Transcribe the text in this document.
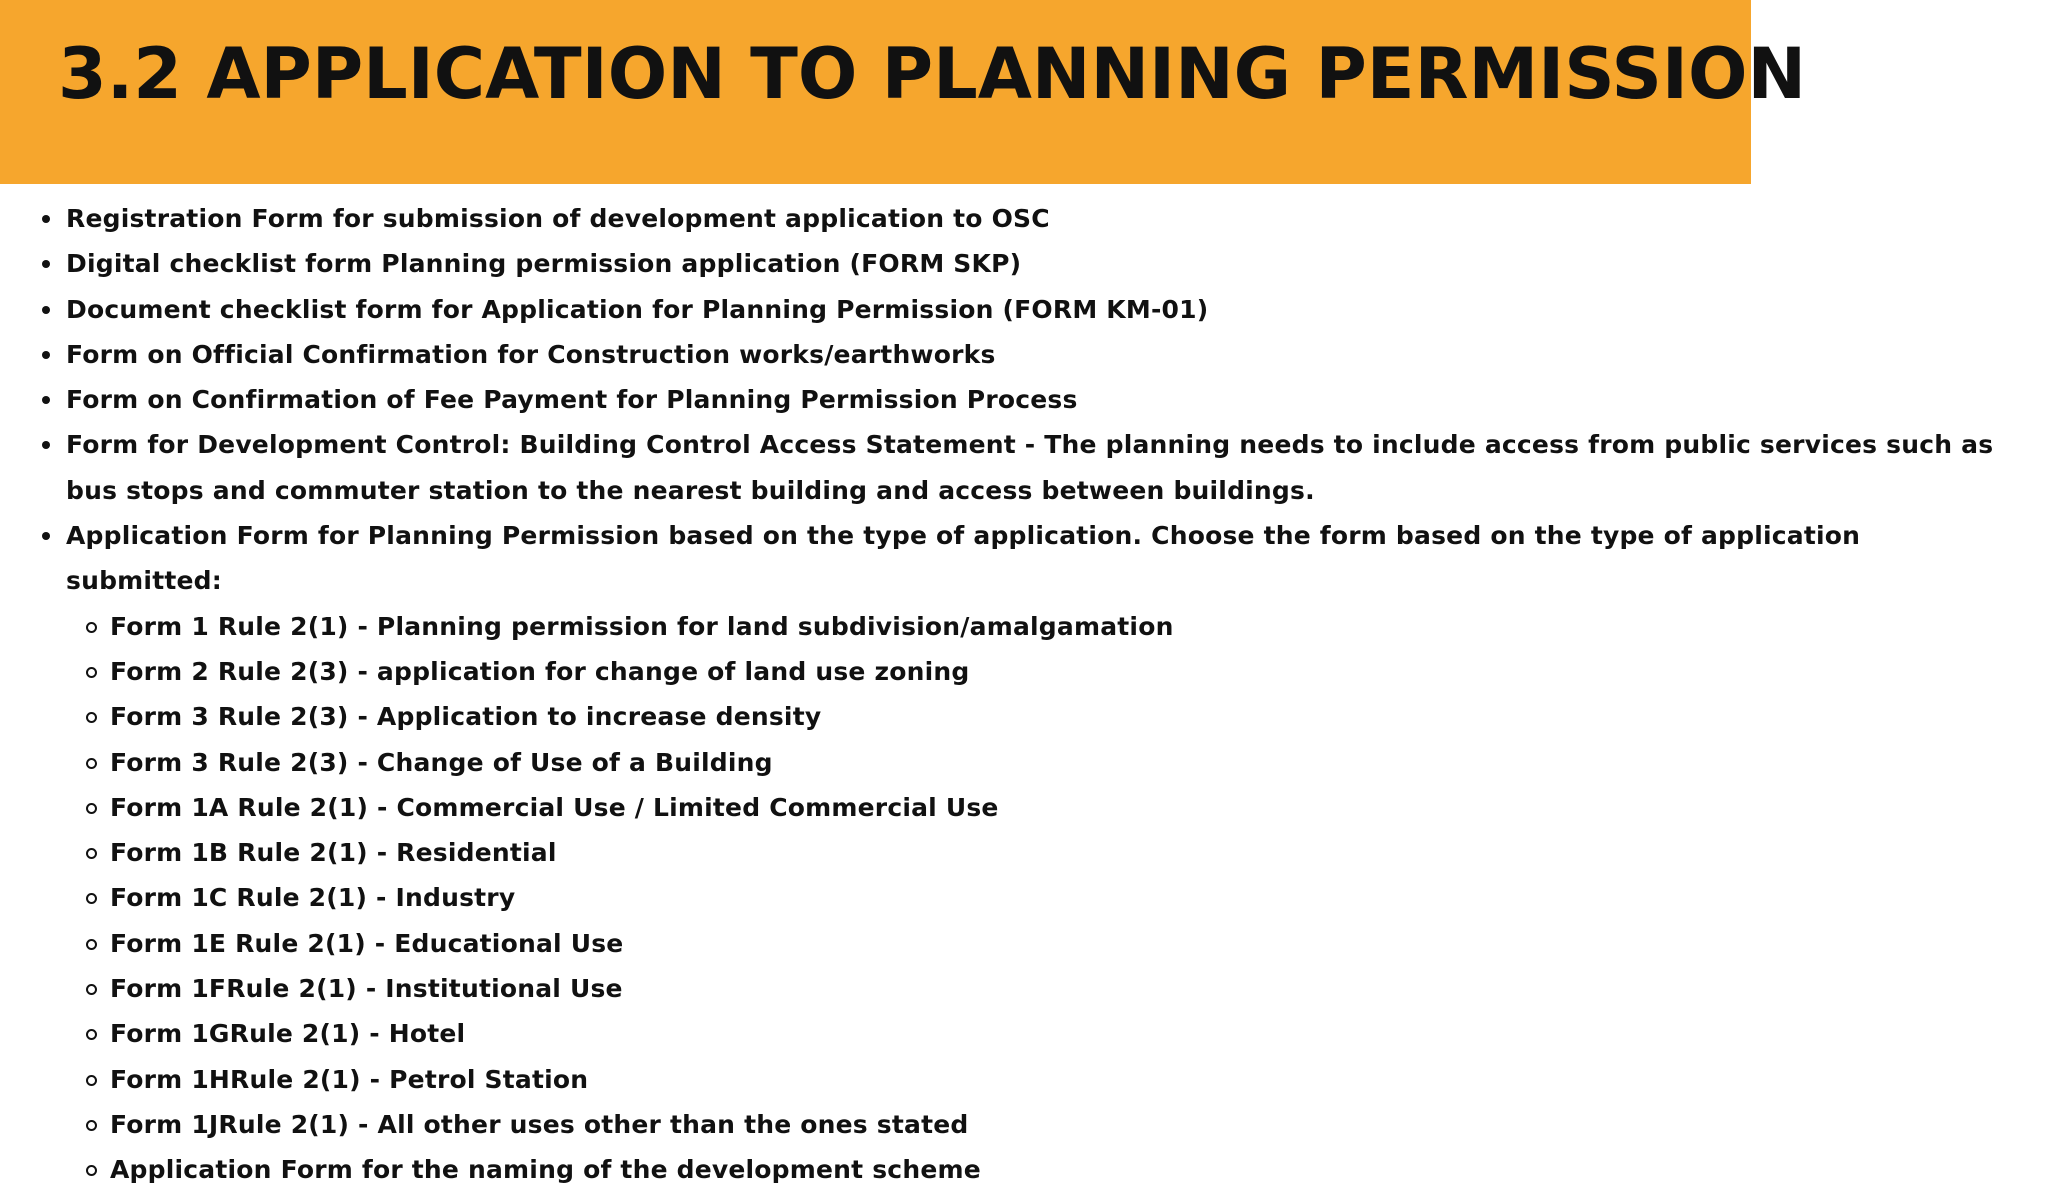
3.2 APPLICATION TO PLANNING PERMISSION
Registration Form for submission of development application to OSC
Digital checklist form Planning permission application (FORM SKP)
Document checklist form for Application for Planning Permission (FORM KM-01)
Form on Official Confirmation for Construction works/earthworks
Form on Confirmation of Fee Payment for Planning Permission Process
Form for Development Control: Building Control Access Statement - The planning needs to include access from public services such as bus stops and commuter station to the nearest building and access between buildings.
Application Form for Planning Permission based on the type of application. Choose the form based on the type of application submitted:
Form 1 Rule 2(1) - Planning permission for land subdivision/amalgamation
Form 2 Rule 2(3) - application for change of land use zoning
Form 3 Rule 2(3) - Application to increase density
Form 3 Rule 2(3) - Change of Use of a Building
Form 1A Rule 2(1) - Commercial Use / Limited Commercial Use
Form 1B Rule 2(1) - Residential
Form 1C Rule 2(1) - Industry
Form 1E Rule 2(1) - Educational Use
Form 1FRule 2(1) - Institutional Use
Form 1GRule 2(1) - Hotel
Form 1HRule 2(1) - Petrol Station
Form 1JRule 2(1) - All other uses other than the ones stated
Application Form for the naming of the development scheme
